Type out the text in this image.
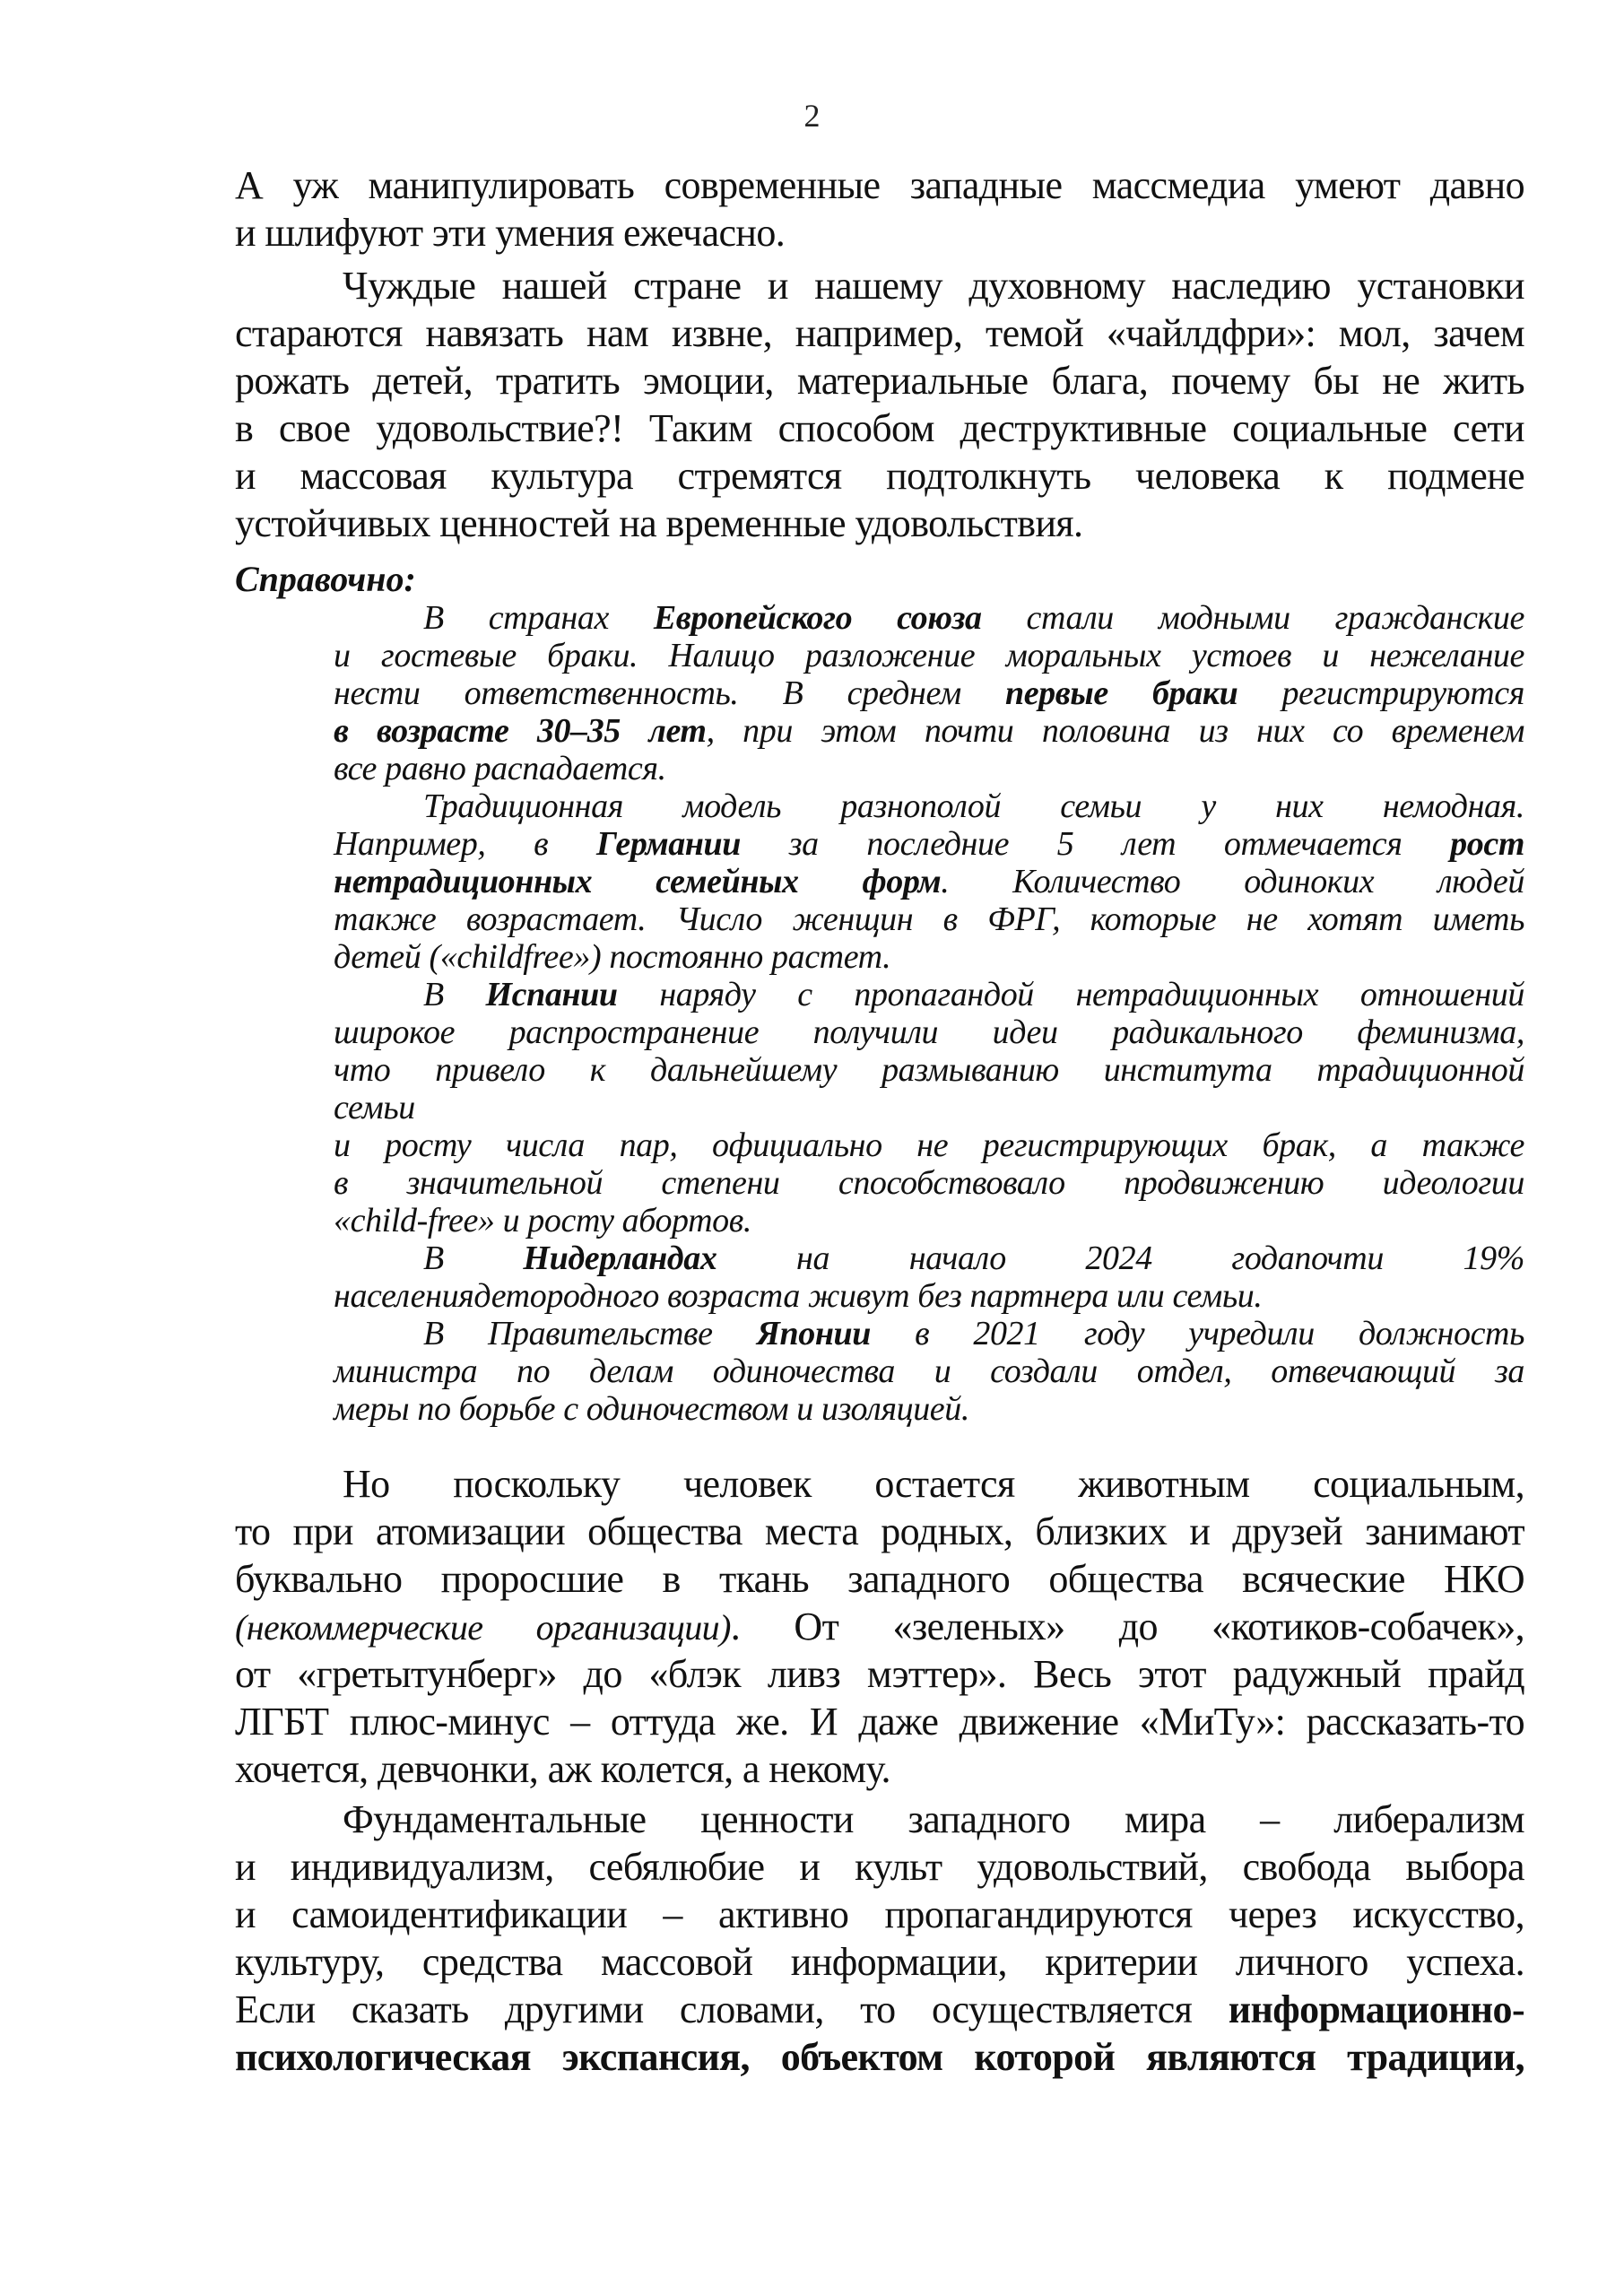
2
А уж манипулировать современные западные массмедиа умеют давно
и шлифуют эти умения ежечасно.
Чуждые нашей стране и нашему духовному наследию установки
стараются навязать нам извне, например, темой «чайлдфри»: мол, зачем
рожать детей, тратить эмоции, материальные блага, почему бы не жить
в свое удовольствие?! Таким способом деструктивные социальные сети
и массовая культура стремятся подтолкнуть человека к подмене
устойчивых ценностей на временные удовольствия.
Справочно:
В странах Европейского союза стали модными гражданские
и гостевые браки. Налицо разложение моральных устоев и нежелание
нести ответственность. В среднем первые браки регистрируются
в возрасте 30–35 лет, при этом почти половина из них со временем
все равно распадается.
Традиционная модель разнополой семьи у них немодная.
Например, в Германии за последние 5 лет отмечается рост
нетрадиционных семейных форм. Количество одиноких людей
также возрастает. Число женщин в ФРГ, которые не хотят иметь
детей («childfree») постоянно растет.
В Испании наряду с пропагандой нетрадиционных отношений
широкое распространение получили идеи радикального феминизма,
что привело к дальнейшему размыванию института традиционной
семьи
и росту числа пар, официально не регистрирующих брак, а также
в значительной степени способствовало продвижению идеологии
«child-free» и росту абортов.
В Нидерландах на начало 2024 годапочти 19%
населениядетородного возраста живут без партнера или семьи.
В Правительстве Японии в 2021 году учредили должность
министра по делам одиночества и создали отдел, отвечающий за
меры по борьбе с одиночеством и изоляцией.
Но поскольку человек остается животным социальным,
то при атомизации общества места родных, близких и друзей занимают
буквально проросшие в ткань западного общества всяческие НКО
(некоммерческие организации). От «зеленых» до «котиков-собачек»,
от «гретытунберг» до «блэк ливз мэттер». Весь этот радужный прайд
ЛГБТ плюс-минус – оттуда же. И даже движение «МиТу»: рассказать-то
хочется, девчонки, аж колется, а некому.
Фундаментальные ценности западного мира – либерализм
и индивидуализм, себялюбие и культ удовольствий, свобода выбора
и самоидентификации – активно пропагандируются через искусство,
культуру, средства массовой информации, критерии личного успеха.
Если сказать другими словами, то осуществляется информационно-
психологическая экспансия, объектом которой являются традиции,
